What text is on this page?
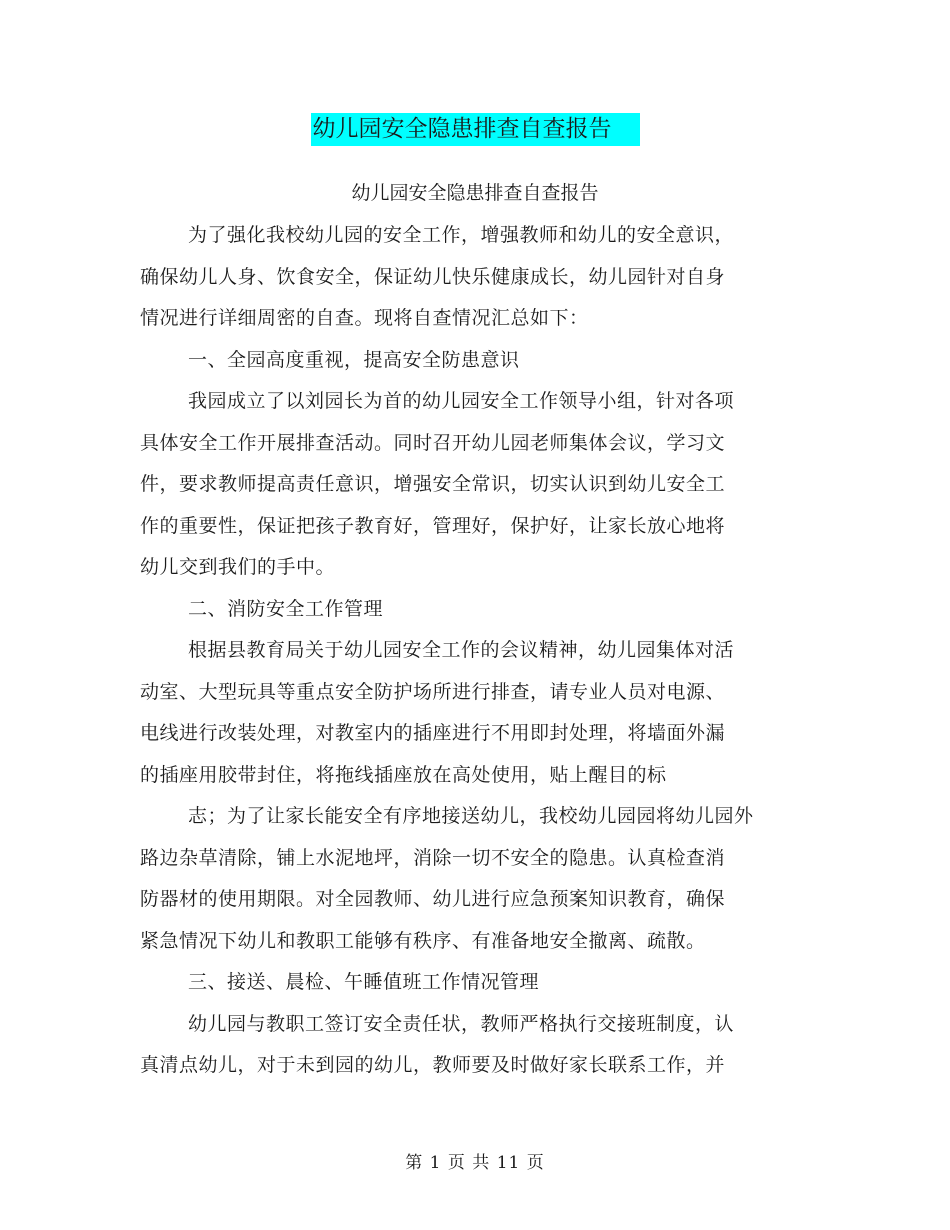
幼儿园安全隐患排查自查报告
幼儿园安全隐患排查自查报告
为了强化我校幼儿园的安全工作，增强教师和幼儿的安全意识，
确保幼儿人身、饮食安全，保证幼儿快乐健康成长，幼儿园针对自身
情况进行详细周密的自查。现将自查情况汇总如下：
一、全园高度重视，提高安全防患意识
我园成立了以刘园长为首的幼儿园安全工作领导小组，针对各项
具体安全工作开展排查活动。同时召开幼儿园老师集体会议，学习文
件，要求教师提高责任意识，增强安全常识，切实认识到幼儿安全工
作的重要性，保证把孩子教育好，管理好，保护好，让家长放心地将
幼儿交到我们的手中。
二、消防安全工作管理
根据县教育局关于幼儿园安全工作的会议精神，幼儿园集体对活
动室、大型玩具等重点安全防护场所进行排查，请专业人员对电源、
电线进行改装处理，对教室内的插座进行不用即封处理，将墙面外漏
的插座用胶带封住，将拖线插座放在高处使用，贴上醒目的标
志；为了让家长能安全有序地接送幼儿，我校幼儿园园将幼儿园外
路边杂草清除，铺上水泥地坪，消除一切不安全的隐患。认真检查消
防器材的使用期限。对全园教师、幼儿进行应急预案知识教育，确保
紧急情况下幼儿和教职工能够有秩序、有准备地安全撤离、疏散。
三、接送、晨检、午睡值班工作情况管理
幼儿园与教职工签订安全责任状，教师严格执行交接班制度，认
真清点幼儿，对于未到园的幼儿，教师要及时做好家长联系工作，并
第 1 页 共 11 页
